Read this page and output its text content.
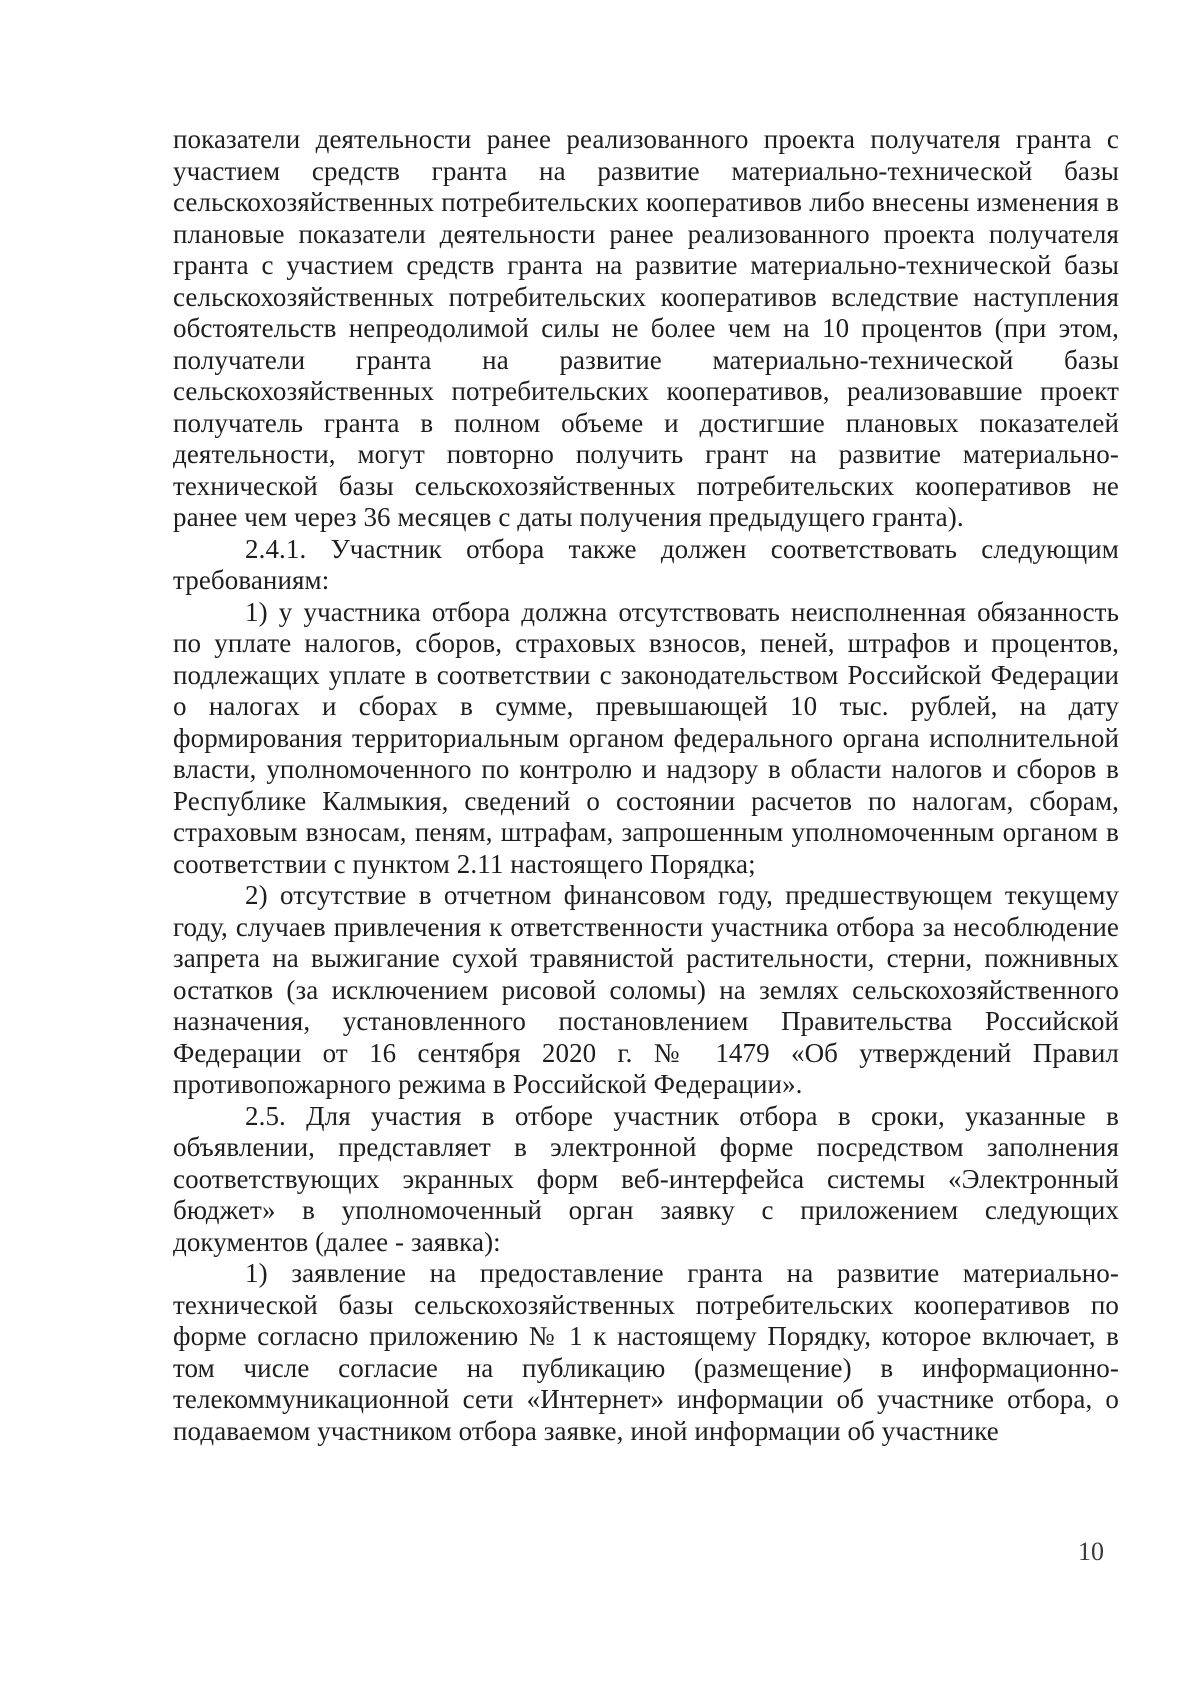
показатели деятельности ранее реализованного проекта получателя гранта с участием средств гранта на развитие материально-технической базы сельскохозяйственных потребительских кооперативов либо внесены изменения в плановые показатели деятельности ранее реализованного проекта получателя гранта с участием средств гранта на развитие материально-технической базы сельскохозяйственных потребительских кооперативов вследствие наступления обстоятельств непреодолимой силы не более чем на 10 процентов (при этом, получатели гранта на развитие материально-технической базы сельскохозяйственных потребительских кооперативов, реализовавшие проект получатель гранта в полном объеме и достигшие плановых показателей деятельности, могут повторно получить грант на развитие материально-технической базы сельскохозяйственных потребительских кооперативов не ранее чем через 36 месяцев с даты получения предыдущего гранта).

2.4.1. Участник отбора также должен соответствовать следующим требованиям:

1) у участника отбора должна отсутствовать неисполненная обязанность по уплате налогов, сборов, страховых взносов, пеней, штрафов и процентов, подлежащих уплате в соответствии с законодательством Российской Федерации о налогах и сборах в сумме, превышающей 10 тыс. рублей, на дату формирования территориальным органом федерального органа исполнительной власти, уполномоченного по контролю и надзору в области налогов и сборов в Республике Калмыкия, сведений о состоянии расчетов по налогам, сборам, страховым взносам, пеням, штрафам, запрошенным уполномоченным органом в соответствии с пунктом 2.11 настоящего Порядка;

2) отсутствие в отчетном финансовом году, предшествующем текущему году, случаев привлечения к ответственности участника отбора за несоблюдение запрета на выжигание сухой травянистой растительности, стерни, пожнивных остатков (за исключением рисовой соломы) на землях сельскохозяйственного назначения, установленного постановлением Правительства Российской Федерации от 16 сентября 2020 г. № 1479 «Об утверждений Правил противопожарного режима в Российской Федерации».

2.5. Для участия в отборе участник отбора в сроки, указанные в объявлении, представляет в электронной форме посредством заполнения соответствующих экранных форм веб-интерфейса системы «Электронный бюджет» в уполномоченный орган заявку с приложением следующих документов (далее - заявка):

1) заявление на предоставление гранта на развитие материально-технической базы сельскохозяйственных потребительских кооперативов по форме согласно приложению № 1 к настоящему Порядку, которое включает, в том числе согласие на публикацию (размещение) в информационно-телекоммуникационной сети «Интернет» информации об участнике отбора, о подаваемом участником отбора заявке, иной информации об участнике

10
